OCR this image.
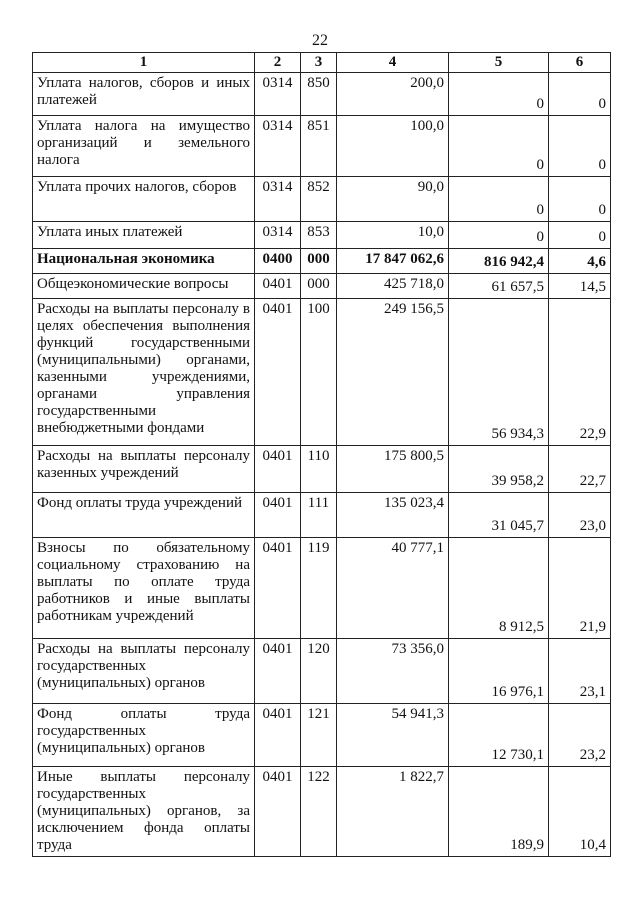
22
1	2	3	4	5	6
Уплата налогов, сборов и иных платежей	0314	850	200,0	0	0
Уплата налога на имущество организаций и земельного налога	0314	851	100,0	0	0
Уплата прочих налогов, сборов	0314	852	90,0	0	0
Уплата иных платежей	0314	853	10,0	0	0
Национальная экономика	0400	000	17 847 062,6	816 942,4	4,6
Общеэкономические вопросы	0401	000	425 718,0	61 657,5	14,5
Расходы на выплаты персоналу в целях обеспечения выполнения функций государственными (муниципальными) органами, казенными учреждениями, органами управления государственными внебюджетными фондами	0401	100	249 156,5	56 934,3	22,9
Расходы на выплаты персоналу казенных учреждений	0401	110	175 800,5	39 958,2	22,7
Фонд оплаты труда учреждений	0401	111	135 023,4	31 045,7	23,0
Взносы по обязательному социальному страхованию на выплаты по оплате труда работников и иные выплаты работникам учреждений	0401	119	40 777,1	8 912,5	21,9
Расходы на выплаты персоналу государственных (муниципальных) органов	0401	120	73 356,0	16 976,1	23,1
Фонд оплаты труда государственных (муниципальных) органов	0401	121	54 941,3	12 730,1	23,2
Иные выплаты персоналу государственных (муниципальных) органов, за исключением фонда оплаты труда	0401	122	1 822,7	189,9	10,4
